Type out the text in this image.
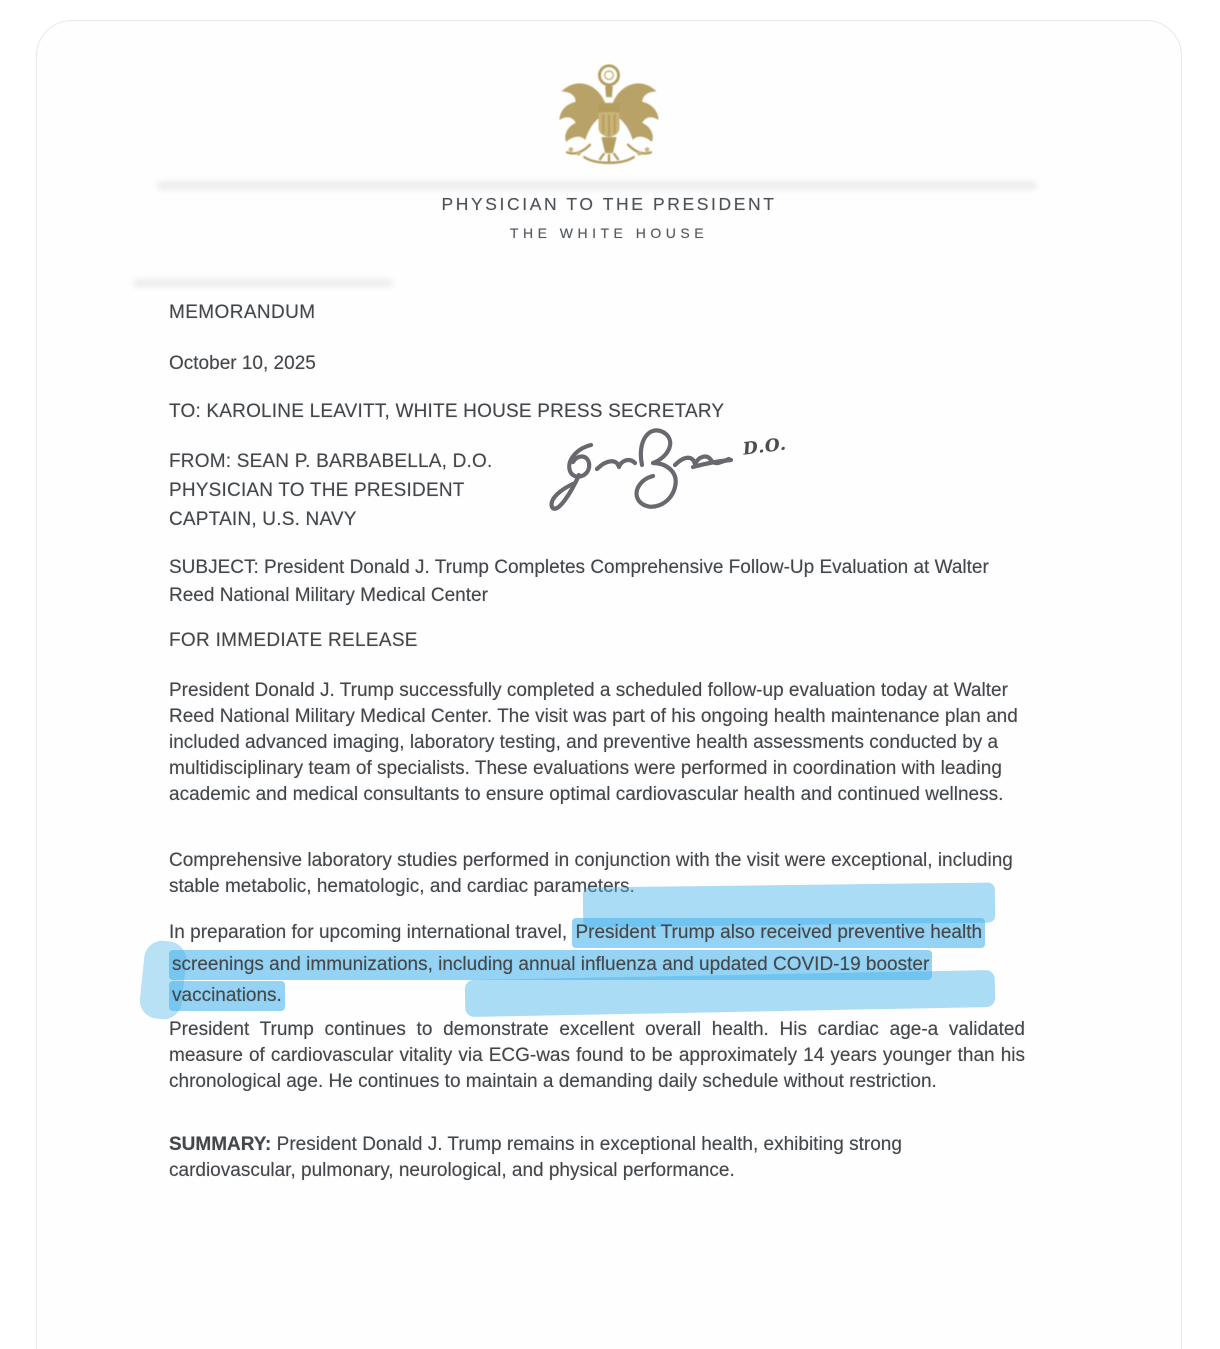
PHYSICIAN TO THE PRESIDENT
THE WHITE HOUSE
MEMORANDUM
October 10, 2025
TO: KAROLINE LEAVITT, WHITE HOUSE PRESS SECRETARY
FROM: SEAN P. BARBABELLA, D.O.
PHYSICIAN TO THE PRESIDENT
CAPTAIN, U.S. NAVY
D.O.
SUBJECT: President Donald J. Trump Completes Comprehensive Follow-Up Evaluation at Walter Reed National Military Medical Center
FOR IMMEDIATE RELEASE
President Donald J. Trump successfully completed a scheduled follow-up evaluation today at Walter Reed National Military Medical Center. The visit was part of his ongoing health maintenance plan and included advanced imaging, laboratory testing, and preventive health assessments conducted by a multidisciplinary team of specialists. These evaluations were performed in coordination with leading academic and medical consultants to ensure optimal cardiovascular health and continued wellness.
Comprehensive laboratory studies performed in conjunction with the visit were exceptional, including stable metabolic, hematologic, and cardiac parameters.
In preparation for upcoming international travel, President Trump also received preventive health screenings and immunizations, including annual influenza and updated COVID-19 booster vaccinations.
President Trump continues to demonstrate excellent overall health. His cardiac age-a validated measure of cardiovascular vitality via ECG-was found to be approximately 14 years younger than his chronological age. He continues to maintain a demanding daily schedule without restriction.
SUMMARY: President Donald J. Trump remains in exceptional health, exhibiting strong cardiovascular, pulmonary, neurological, and physical performance.
